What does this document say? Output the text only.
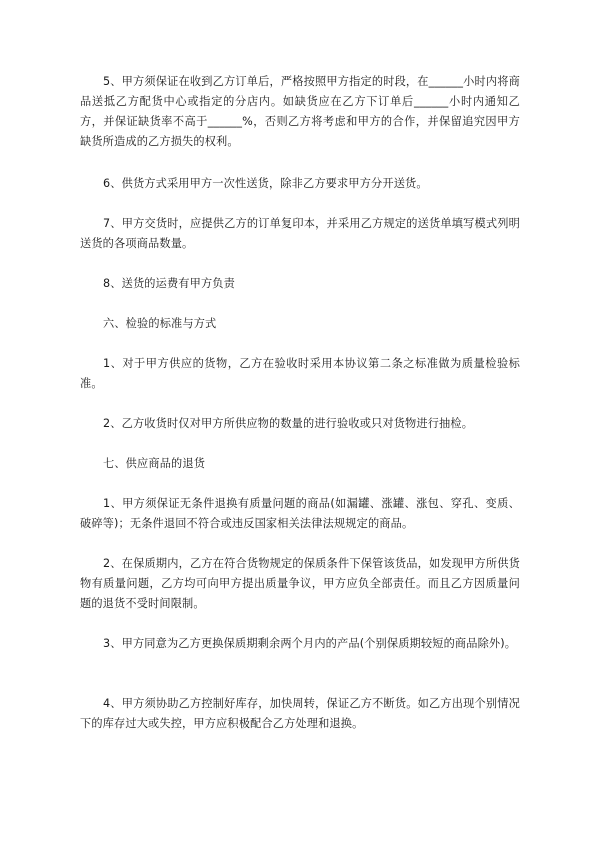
5、甲方须保证在收到乙方订单后，严格按照甲方指定的时段，在______小时内将商品送抵乙方配货中心或指定的分店内。如缺货应在乙方下订单后______小时内通知乙方，并保证缺货率不高于______%，否则乙方将考虑和甲方的合作，并保留追究因甲方缺货所造成的乙方损失的权利。

6、供货方式采用甲方一次性送货，除非乙方要求甲方分开送货。

7、甲方交货时，应提供乙方的订单复印本，并采用乙方规定的送货单填写模式列明送货的各项商品数量。

8、送货的运费有甲方负责

六、检验的标准与方式

1、对于甲方供应的货物，乙方在验收时采用本协议第二条之标准做为质量检验标准。

2、乙方收货时仅对甲方所供应物的数量的进行验收或只对货物进行抽检。

七、供应商品的退货

1、甲方须保证无条件退换有质量问题的商品(如漏罐、涨罐、涨包、穿孔、变质、破碎等)；无条件退回不符合或违反国家相关法律法规规定的商品。

2、在保质期内，乙方在符合货物规定的保质条件下保管该货品，如发现甲方所供货物有质量问题，乙方均可向甲方提出质量争议，甲方应负全部责任。而且乙方因质量问题的退货不受时间限制。

3、甲方同意为乙方更换保质期剩余两个月内的产品(个别保质期较短的商品除外)。

4、甲方须协助乙方控制好库存，加快周转，保证乙方不断货。如乙方出现个别情况下的库存过大或失控，甲方应积极配合乙方处理和退换。
